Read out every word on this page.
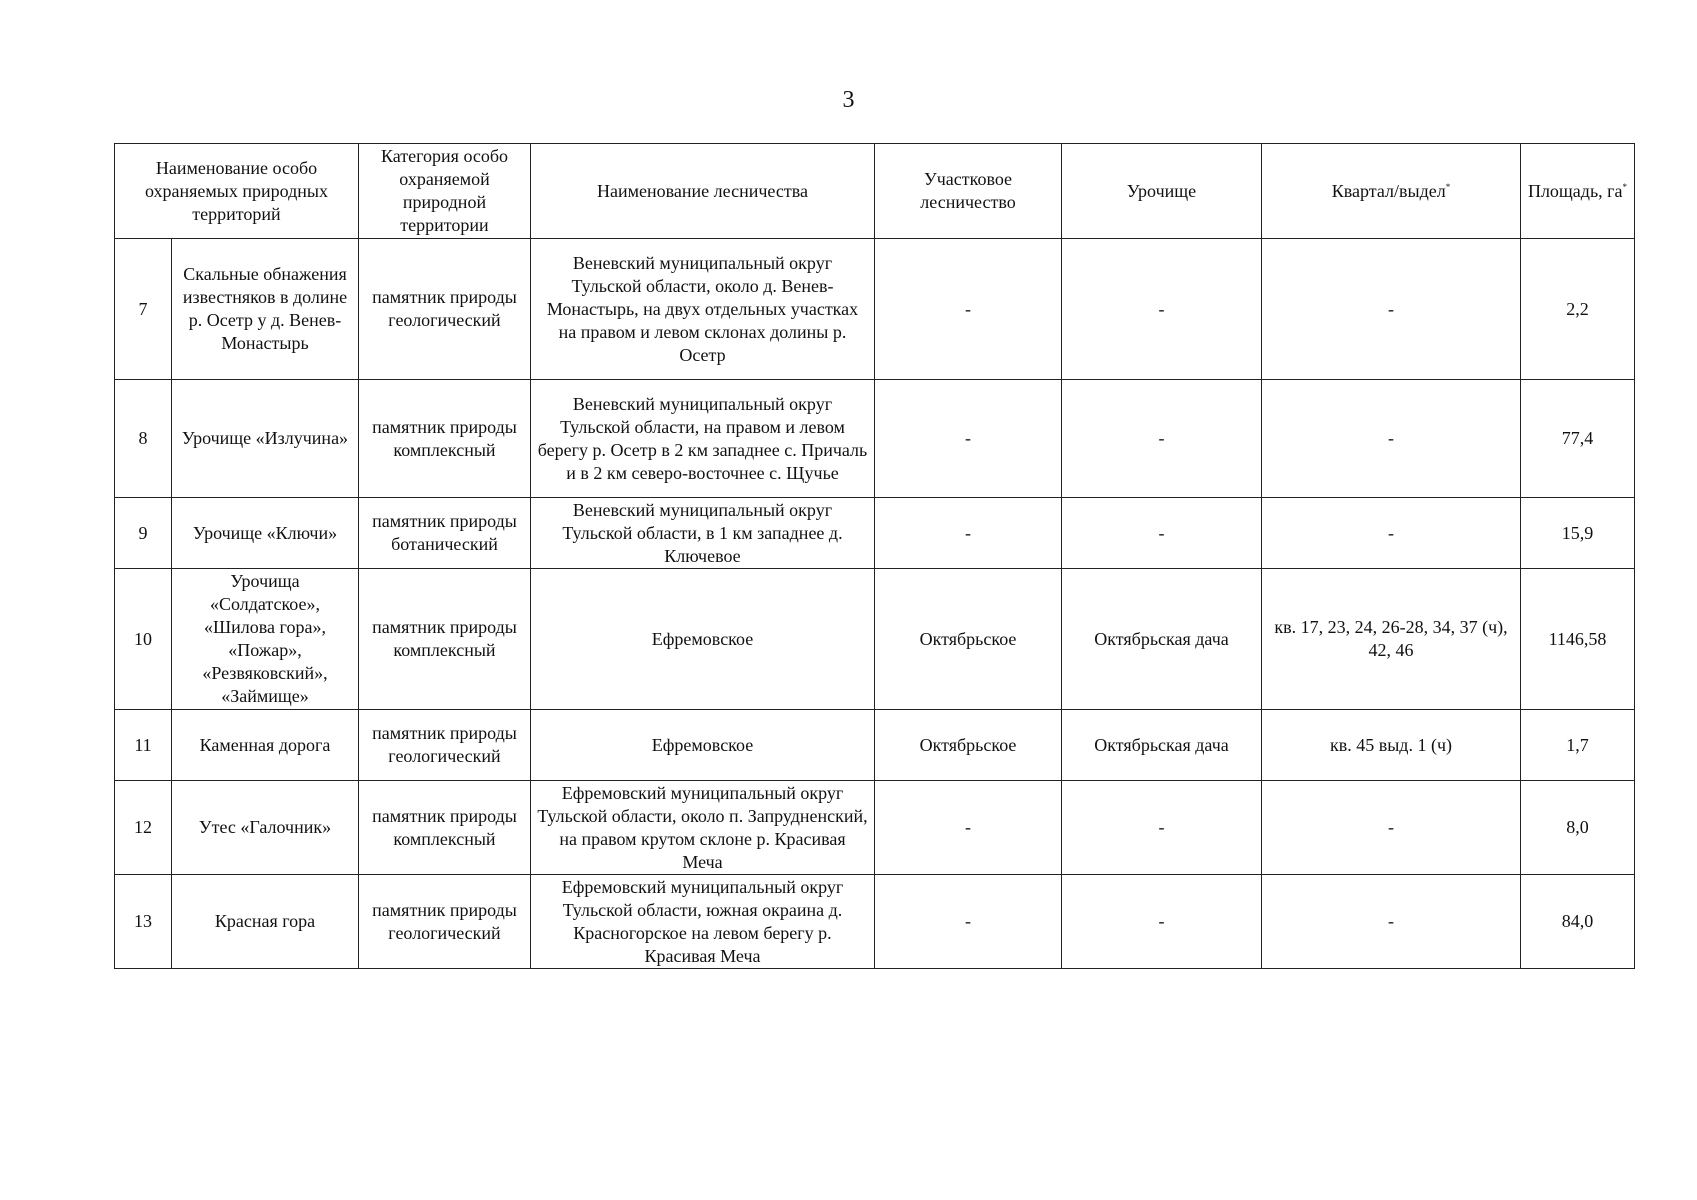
3
Наименование особо охраняемых природных территорий		Категория особо охраняемой природной территории	Наименование лесничества	Участковое лесничество	Урочище	Квартал/выдел*	Площадь, га*
7	Скальные обнажения известняков в долине р. Осетр у д. Венев-Монастырь	памятник природы геологический	Веневский муниципальный округ Тульской области, около д. Венев-Монастырь, на двух отдельных участках на правом и левом склонах долины р. Осетр	-	-	-	2,2
8	Урочище «Излучина»	памятник природы комплексный	Веневский муниципальный округ Тульской области, на правом и левом берегу р. Осетр в 2 км западнее с. Причаль и в 2 км северо-восточнее с. Щучье	-	-	-	77,4
9	Урочище «Ключи»	памятник природы ботанический	Веневский муниципальный округ Тульской области, в 1 км западнее д. Ключевое	-	-	-	15,9
10	Урочища «Солдатское», «Шилова гора», «Пожар», «Резвяковский», «Займище»	памятник природы комплексный	Ефремовское	Октябрьское	Октябрьская дача	кв. 17, 23, 24, 26-28, 34, 37 (ч), 42, 46	1146,58
11	Каменная дорога	памятник природы геологический	Ефремовское	Октябрьское	Октябрьская дача	кв. 45 выд. 1 (ч)	1,7
12	Утес «Галочник»	памятник природы комплексный	Ефремовский муниципальный округ Тульской области, около п. Запрудненский, на правом крутом склоне р. Красивая Меча	-	-	-	8,0
13	Красная гора	памятник природы геологический	Ефремовский муниципальный округ Тульской области, южная окраина д. Красногорское на левом берегу р. Красивая Меча	-	-	-	84,0
